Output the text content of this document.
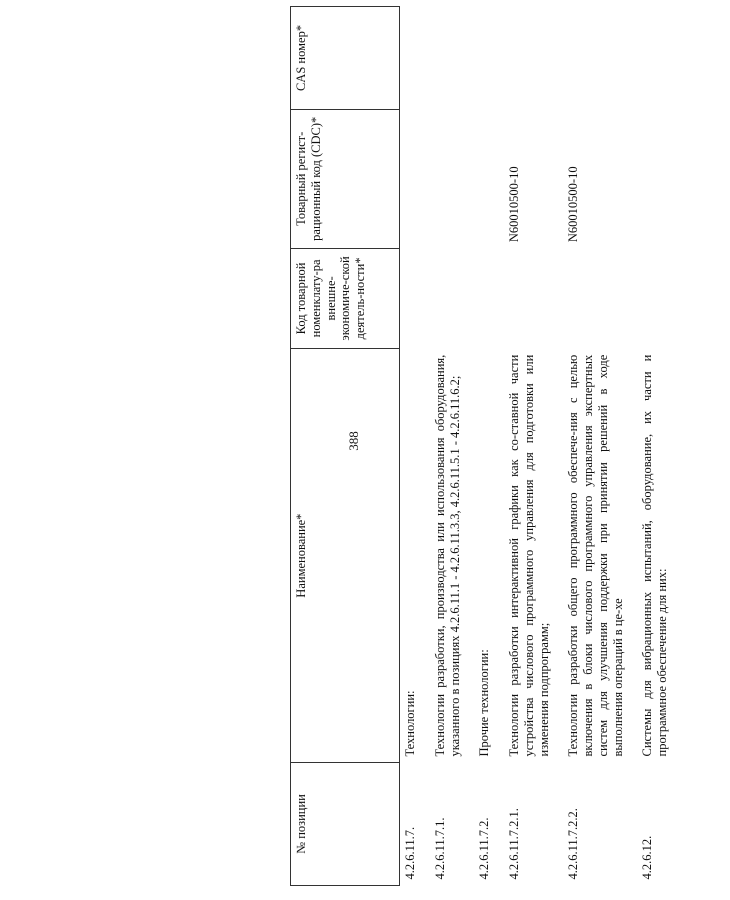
388
№ позиции	Наименование*	Код товарной номенклату-ра внешне-экономиче-ской деятель-ности*	Товарный регист-рационный код (CDC)*	CAS номер*
4.2.6.11.7.	Технологии:			
4.2.6.11.7.1.	Технологии разработки, производства или использования оборудования, указанного в позициях 4.2.6.11.1 - 4.2.6.11.3.3, 4.2.6.11.5.1 - 4.2.6.11.6.2;			
4.2.6.11.7.2.	Прочие технологии:			
4.2.6.11.7.2.1.	Технологии разработки интерактивной графики как со-ставной части устройства числового программного управления для подготовки или изменения подпрограмм;		N60010500-10	
4.2.6.11.7.2.2.	Технологии разработки общего программного обеспече-ния с целью включения в блоки числового программного управления экспертных систем для улучшения поддержки при принятии решений в ходе выполнения операций в це-хе		N60010500-10	
4.2.6.12.	Системы для вибрационных испытаний, оборудование, их части и программное обеспечение для них:			
